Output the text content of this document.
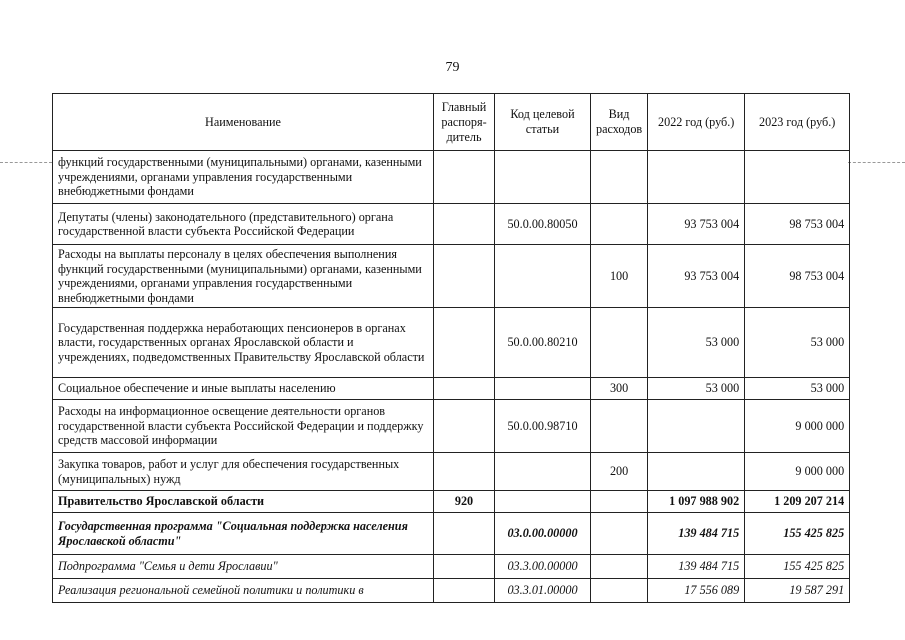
79
Наименование	Главный распоря-дитель	Код целевой статьи	Вид расходов	2022 год (руб.)	2023 год (руб.)
функций государственными (муниципальными) органами, казенными учреждениями, органами управления государственными внебюджетными фондами					
Депутаты (члены) законодательного (представительного) органа государственной власти субъекта Российской Федерации		50.0.00.80050		93 753 004	98 753 004
Расходы на выплаты персоналу в целях обеспечения выполнения функций государственными (муниципальными) органами, казенными учреждениями, органами управления государственными внебюджетными фондами			100	93 753 004	98 753 004
Государственная поддержка неработающих пенсионеров в органах власти, государственных органах Ярославской области и учреждениях, подведомственных Правительству Ярославской области		50.0.00.80210		53 000	53 000
Социальное обеспечение и иные выплаты населению			300	53 000	53 000
Расходы на информационное освещение деятельности органов государственной власти субъекта Российской Федерации и поддержку средств массовой информации		50.0.00.98710			9 000 000
Закупка товаров, работ и услуг для обеспечения государственных (муниципальных) нужд			200		9 000 000
Правительство Ярославской области	920			1 097 988 902	1 209 207 214
Государственная программа "Социальная поддержка населения Ярославской области"		03.0.00.00000		139 484 715	155 425 825
Подпрограмма "Семья и дети Ярославии"		03.3.00.00000		139 484 715	155 425 825
Реализация региональной семейной политики и политики в		03.3.01.00000		17 556 089	19 587 291
